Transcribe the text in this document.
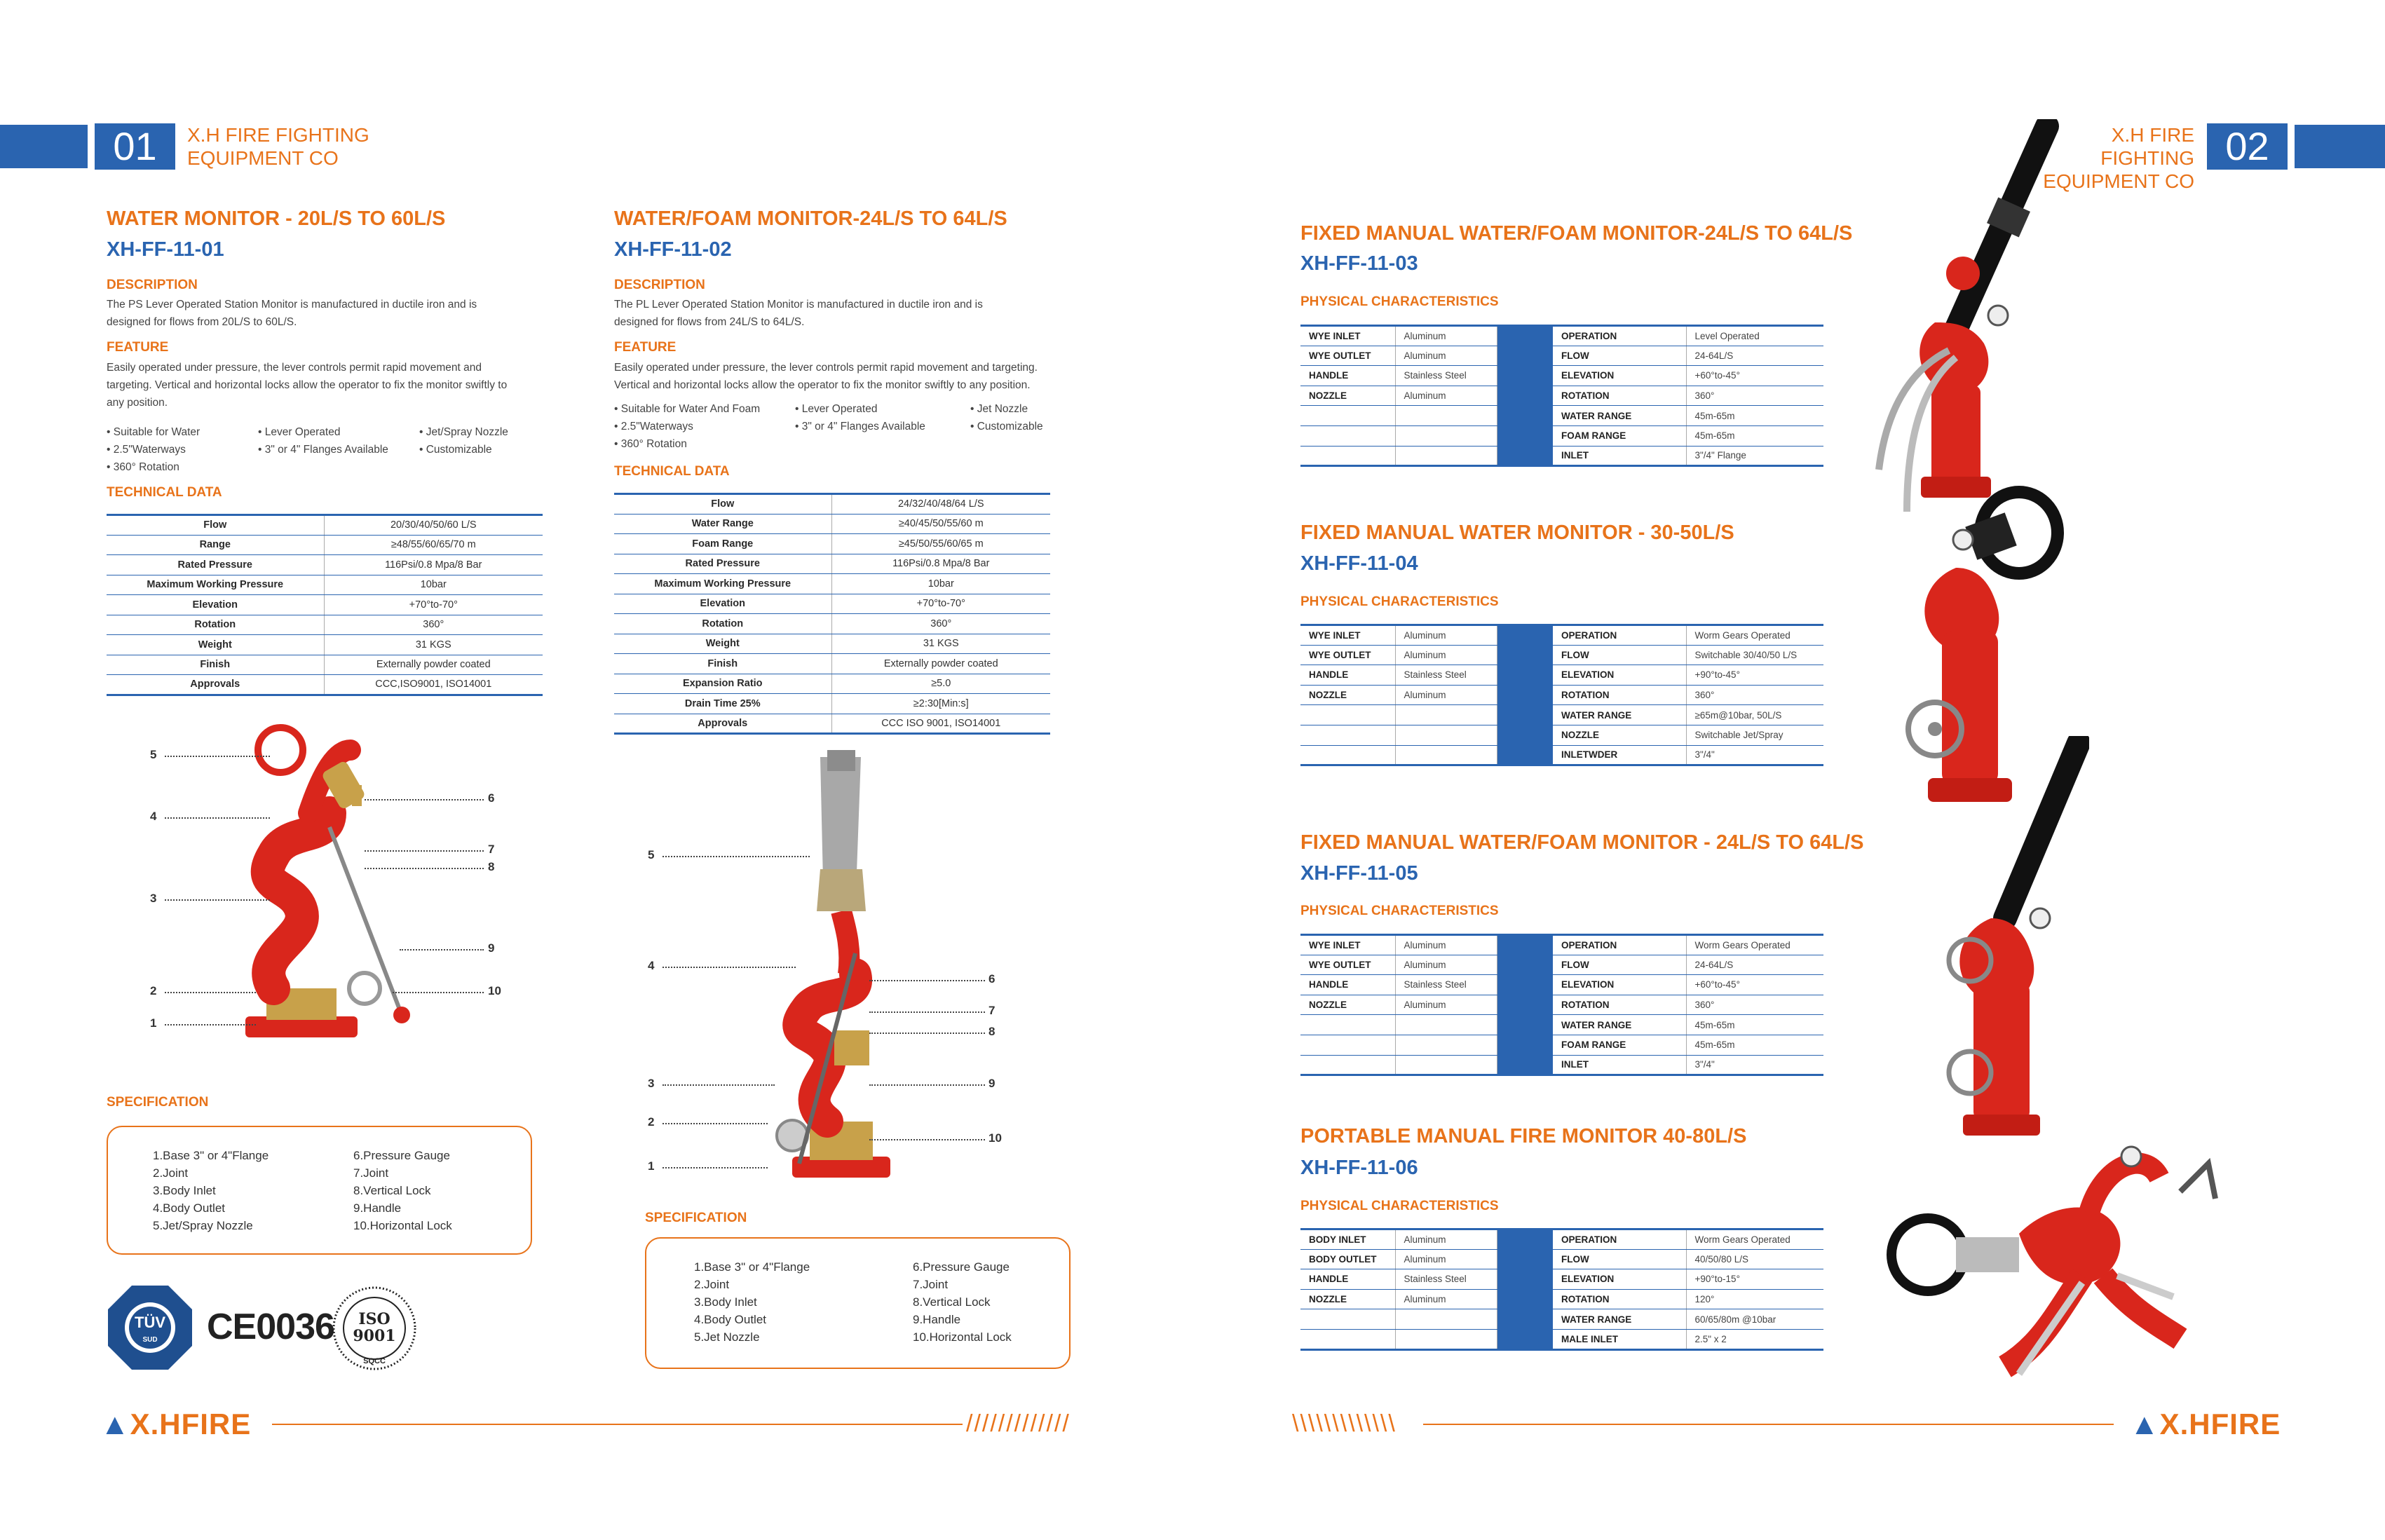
01	X.H FIRE FIGHTING
EQUIPMENT CO
X.H FIRE FIGHTING
EQUIPMENT CO
02
WATER MONITOR - 20L/S TO 60L/S
XH-FF-11-01
DESCRIPTION
The PS Lever Operated Station Monitor is manufactured in ductile iron and is
designed for flows from 20L/S to 60L/S.
FEATURE
Easily operated under pressure, the lever controls permit rapid movement and
targeting. Vertical and horizontal locks allow the operator to fix the monitor swiftly to
any position.
• Suitable for Water	• Lever Operated	• Jet/Spray Nozzle
• 2.5"Waterways	• 3" or 4" Flanges Available	• Customizable
• 360° Rotation
TECHNICAL DATA
Flow	20/30/40/50/60 L/S
Range	≥48/55/60/65/70 m
Rated Pressure	116Psi/0.8 Mpa/8 Bar
Maximum Working Pressure	10bar
Elevation	+70°to-70°
Rotation	360°
Weight	31 KGS
Finish	Externally powder coated
Approvals	CCC,ISO9001, ISO14001
1
2
3
4
5
6
7
8
9
10
SPECIFICATION
1.Base 3" or 4"Flange
2.Joint
3.Body Inlet
4.Body Outlet
5.Jet/Spray Nozzle
6.Pressure Gauge
7.Joint
8.Vertical Lock
9.Handle
10.Horizontal Lock
TÜV
SUD CE0036 ISO
9001
SQCC
WATER/FOAM MONITOR-24L/S TO 64L/S
XH-FF-11-02
DESCRIPTION
The PL Lever Operated Station Monitor is manufactured in ductile iron and is
designed for flows from 24L/S to 64L/S.
FEATURE
Easily operated under pressure, the lever controls permit rapid movement and targeting.
Vertical and horizontal locks allow the operator to fix the monitor swiftly to any position.
• Suitable for Water And Foam	• Lever Operated	• Jet Nozzle
• 2.5"Waterways	• 3" or 4" Flanges Available	• Customizable
• 360° Rotation
TECHNICAL DATA
Flow	24/32/40/48/64 L/S
Water Range	≥40/45/50/55/60 m
Foam Range	≥45/50/55/60/65 m
Rated Pressure	116Psi/0.8 Mpa/8 Bar
Maximum Working Pressure	10bar
Elevation	+70°to-70°
Rotation	360°
Weight	31 KGS
Finish	Externally powder coated
Expansion Ratio	≥5.0
Drain Time 25%	≥2:30[Min:s]
Approvals	CCC ISO 9001, ISO14001
1
2
3
4
5
6
7
8
9
10
SPECIFICATION
1.Base 3" or 4"Flange
2.Joint
3.Body Inlet
4.Body Outlet
5.Jet Nozzle
6.Pressure Gauge
7.Joint
8.Vertical Lock
9.Handle
10.Horizontal Lock
FIXED MANUAL WATER/FOAM MONITOR-24L/S TO 64L/S
XH-FF-11-03
PHYSICAL CHARACTERISTICS
WYE INLET	Aluminum		OPERATION	Level Operated
WYE OUTLET	Aluminum		FLOW	24-64L/S
HANDLE	Stainless Steel		ELEVATION	+60°to-45°
NOZZLE	Aluminum		ROTATION	360°
			WATER RANGE	45m-65m
			FOAM RANGE	45m-65m
			INLET	3"/4" Flange
FIXED MANUAL WATER MONITOR - 30-50L/S
XH-FF-11-04
PHYSICAL CHARACTERISTICS
WYE INLET	Aluminum		OPERATION	Worm Gears Operated
WYE OUTLET	Aluminum		FLOW	Switchable 30/40/50 L/S
HANDLE	Stainless Steel		ELEVATION	+90°to-45°
NOZZLE	Aluminum		ROTATION	360°
			WATER RANGE	≥65m@10bar, 50L/S
			NOZZLE	Switchable Jet/Spray
			INLETWDER	3"/4"
FIXED MANUAL WATER/FOAM MONITOR - 24L/S TO 64L/S
XH-FF-11-05
PHYSICAL CHARACTERISTICS
WYE INLET	Aluminum		OPERATION	Worm Gears Operated
WYE OUTLET	Aluminum		FLOW	24-64L/S
HANDLE	Stainless Steel		ELEVATION	+60°to-45°
NOZZLE	Aluminum		ROTATION	360°
			WATER RANGE	45m-65m
			FOAM RANGE	45m-65m
			INLET	3"/4"
PORTABLE MANUAL FIRE MONITOR 40-80L/S
XH-FF-11-06
PHYSICAL CHARACTERISTICS
BODY INLET	Aluminum		OPERATION	Worm Gears Operated
BODY OUTLET	Aluminum		FLOW	40/50/80 L/S
HANDLE	Stainless Steel		ELEVATION	+90°to-15°
NOZZLE	Aluminum		ROTATION	120°
			WATER RANGE	60/65/80m @10bar
			MALE INLET	2.5" x 2
▲X.HFIRE	/////////////	\\\\\\\\\\\\\	▲X.HFIRE
